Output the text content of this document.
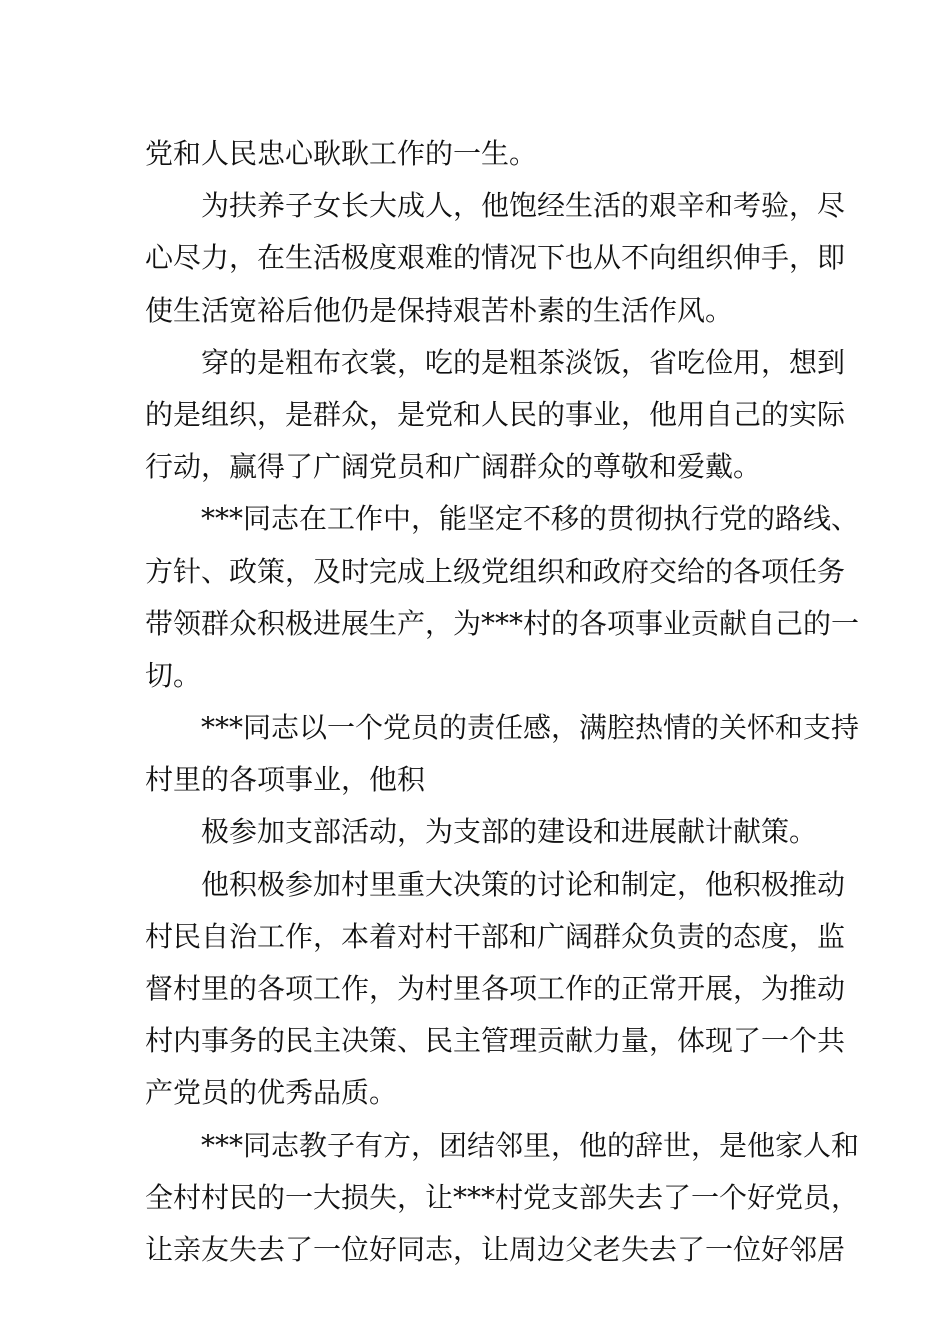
党和人民忠心耿耿工作的一生。
为扶养子女长大成人，他饱经生活的艰辛和考验，尽
心尽力，在生活极度艰难的情况下也从不向组织伸手，即
使生活宽裕后他仍是保持艰苦朴素的生活作风。
穿的是粗布衣裳，吃的是粗茶淡饭，省吃俭用，想到
的是组织，是群众，是党和人民的事业，他用自己的实际
行动，赢得了广阔党员和广阔群众的尊敬和爱戴。
***同志在工作中，能坚定不移的贯彻执行党的路线、
方针、政策，及时完成上级党组织和政府交给的各项任务
带领群众积极进展生产，为***村的各项事业贡献自己的一
切。
***同志以一个党员的责任感，满腔热情的关怀和支持
村里的各项事业，他积
极参加支部活动，为支部的建设和进展献计献策。
他积极参加村里重大决策的讨论和制定，他积极推动
村民自治工作，本着对村干部和广阔群众负责的态度，监
督村里的各项工作，为村里各项工作的正常开展，为推动
村内事务的民主决策、民主管理贡献力量，体现了一个共
产党员的优秀品质。
***同志教子有方，团结邻里，他的辞世，是他家人和
全村村民的一大损失，让***村党支部失去了一个好党员，
让亲友失去了一位好同志，让周边父老失去了一位好邻居
